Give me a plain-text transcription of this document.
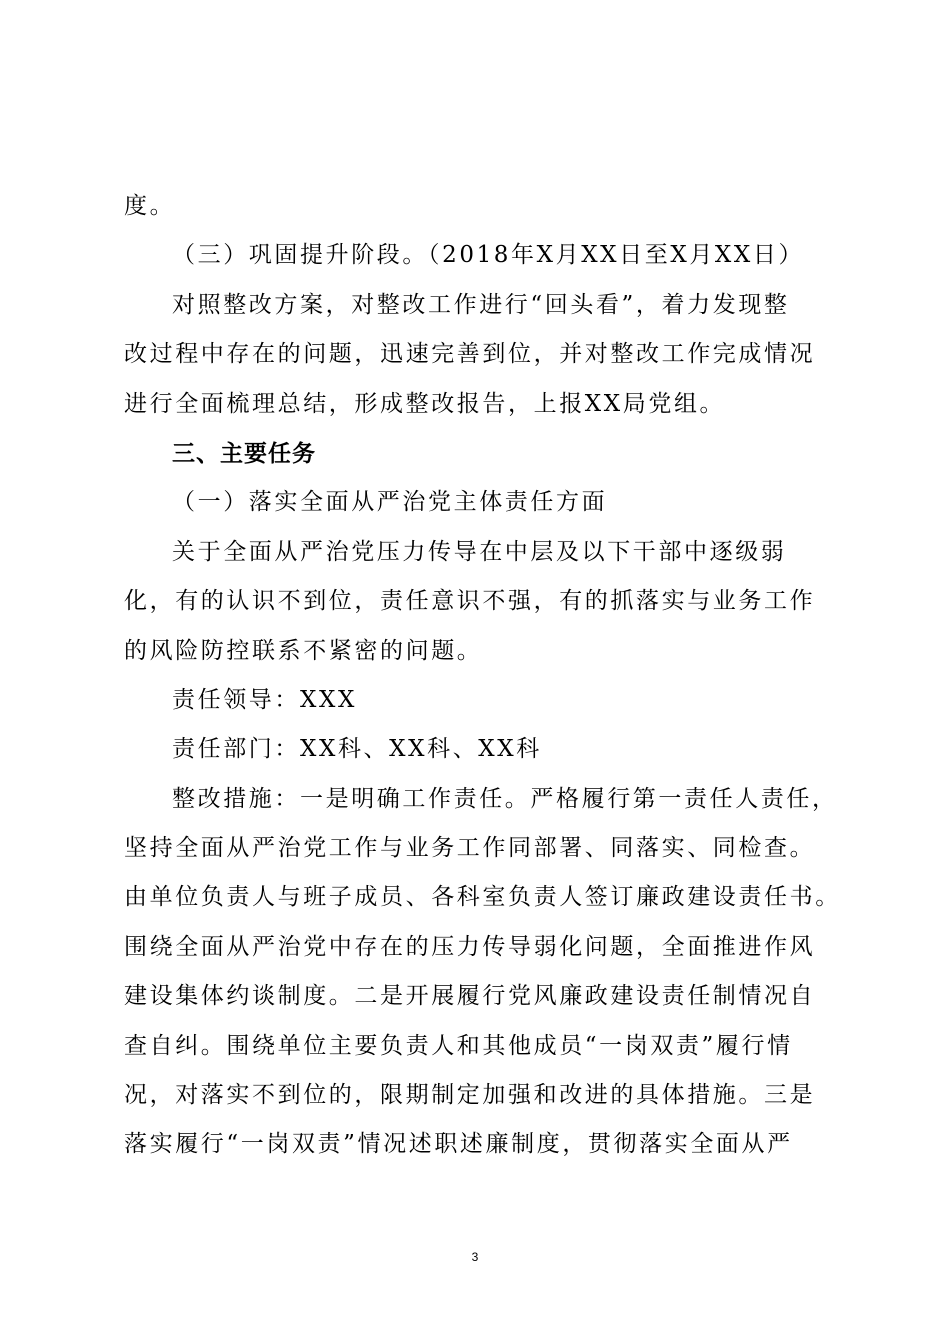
度。
（三）巩固提升阶段。（2018年X月XX日至X月XX日）
对照整改方案，对整改工作进行“回头看”，着力发现整
改过程中存在的问题，迅速完善到位，并对整改工作完成情况
进行全面梳理总结，形成整改报告，上报XX局党组。
三、主要任务
（一）落实全面从严治党主体责任方面
关于全面从严治党压力传导在中层及以下干部中逐级弱
化，有的认识不到位，责任意识不强，有的抓落实与业务工作
的风险防控联系不紧密的问题。
责任领导：XXX
责任部门：XX科、XX科、XX科
整改措施：一是明确工作责任。严格履行第一责任人责任，
坚持全面从严治党工作与业务工作同部署、同落实、同检查。
由单位负责人与班子成员、各科室负责人签订廉政建设责任书。
围绕全面从严治党中存在的压力传导弱化问题，全面推进作风
建设集体约谈制度。二是开展履行党风廉政建设责任制情况自
查自纠。围绕单位主要负责人和其他成员“一岗双责”履行情
况，对落实不到位的，限期制定加强和改进的具体措施。三是
落实履行“一岗双责”情况述职述廉制度，贯彻落实全面从严
3
